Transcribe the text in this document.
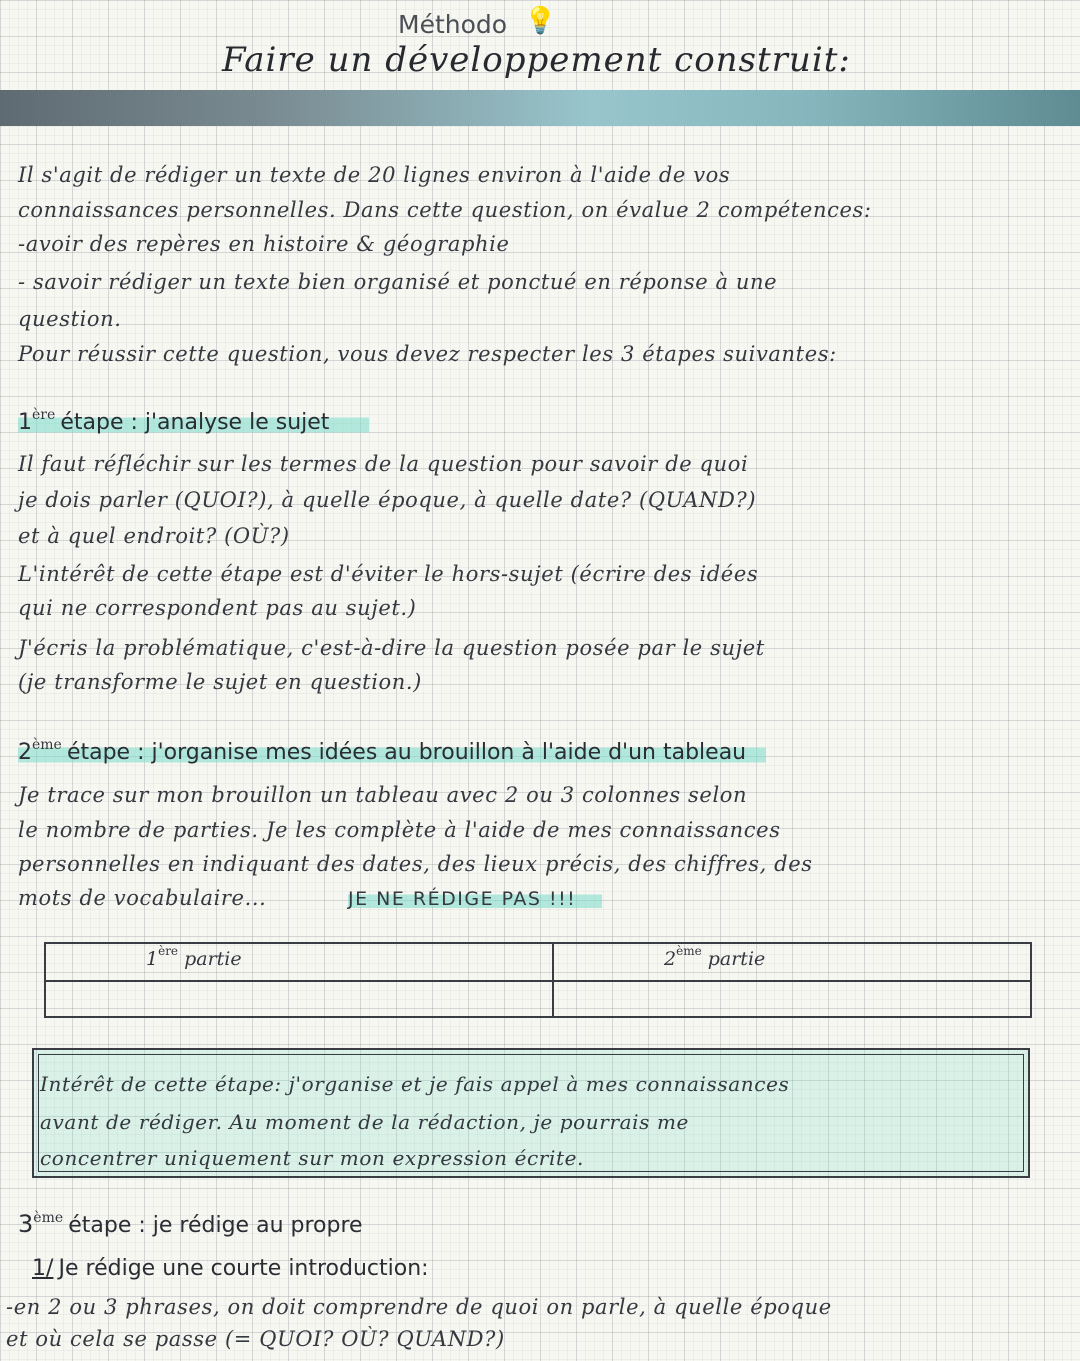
Méthodo 💡
Faire un développement construit:
Il s'agit de rédiger un texte de 20 lignes environ à l'aide de vos
connaissances personnelles. Dans cette question, on évalue 2 compétences:
-avoir des repères en histoire & géographie
- savoir rédiger un texte bien organisé et ponctué en réponse à une
question.
Pour réussir cette question, vous devez respecter les 3 étapes suivantes:
1ère étape : j'analyse le sujet
Il faut réfléchir sur les termes de la question pour savoir de quoi
je dois parler (QUOI?), à quelle époque, à quelle date? (QUAND?)
et à quel endroit? (OÙ?)
L'intérêt de cette étape est d'éviter le hors-sujet (écrire des idées
qui ne correspondent pas au sujet.)
J'écris la problématique, c'est-à-dire la question posée par le sujet
(je transforme le sujet en question.)
2ème étape : j'organise mes idées au brouillon à l'aide d'un tableau
Je trace sur mon brouillon un tableau avec 2 ou 3 colonnes selon
le nombre de parties. Je les complète à l'aide de mes connaissances
personnelles en indiquant des dates, des lieux précis, des chiffres, des
mots de vocabulaire...	JE NE RÉDIGE PAS !!!
1ère partie	2ème partie
Intérêt de cette étape: j'organise et je fais appel à mes connaissances
avant de rédiger. Au moment de la rédaction, je pourrais me
concentrer uniquement sur mon expression écrite.
3ème étape : je rédige au propre
1/ Je rédige une courte introduction:
-en 2 ou 3 phrases, on doit comprendre de quoi on parle, à quelle époque
et où cela se passe (= QUOI? OÙ? QUAND?)
